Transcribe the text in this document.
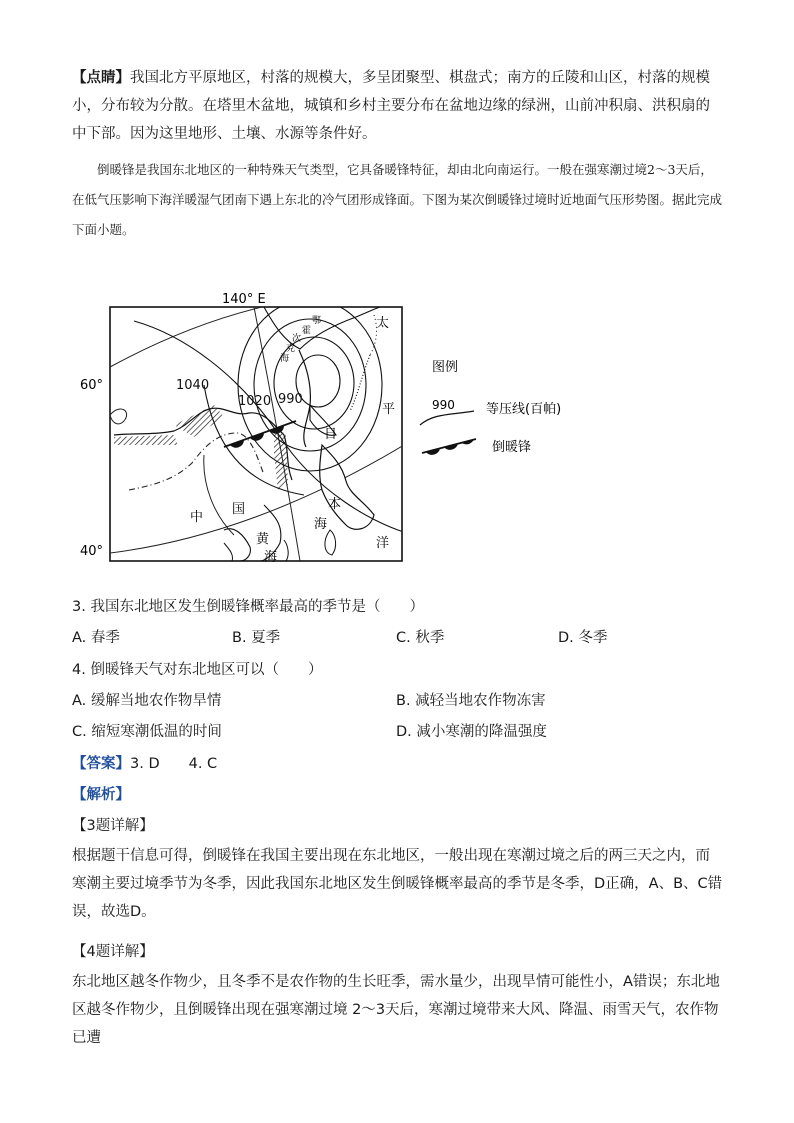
【点睛】我国北方平原地区，村落的规模大，多呈团聚型、棋盘式；南方的丘陵和山区，村落的规模小，分布较为分散。在塔里木盆地，城镇和乡村主要分布在盆地边缘的绿洲，山前冲积扇、洪积扇的中下部。因为这里地形、土壤、水源等条件好。

倒暖锋是我国东北地区的一种特殊天气类型，它具备暖锋特征，却由北向南运行。一般在强寒潮过境2～3天后，在低气压影响下海洋暖湿气团南下遇上东北的冷气团形成锋面。下图为某次倒暖锋过境时近地面气压形势图。据此完成下面小题。

140° E
60°
40°
1040
1020 990
鄂
霍
次
克
海
太
平
洋
日
本
海
中
国
黄
海
图例
990 等压线(百帕)
倒暖锋
3. 我国东北地区发生倒暖锋概率最高的季节是（　　）
A. 春季	B. 夏季	C. 秋季	D. 冬季
4. 倒暖锋天气对东北地区可以（　　）
A. 缓解当地农作物旱情	B. 减轻当地农作物冻害
C. 缩短寒潮低温的时间	D. 减小寒潮的降温强度
【答案】3. D　　4. C
【解析】
【3题详解】

根据题干信息可得，倒暖锋在我国主要出现在东北地区，一般出现在寒潮过境之后的两三天之内，而寒潮主要过境季节为冬季，因此我国东北地区发生倒暖锋概率最高的季节是冬季，D正确，A、B、C错误，故选D。

【4题详解】

东北地区越冬作物少，且冬季不是农作物的生长旺季，需水量少，出现旱情可能性小，A错误；东北地区越冬作物少，且倒暖锋出现在强寒潮过境 2～3天后，寒潮过境带来大风、降温、雨雪天气，农作物已遭
